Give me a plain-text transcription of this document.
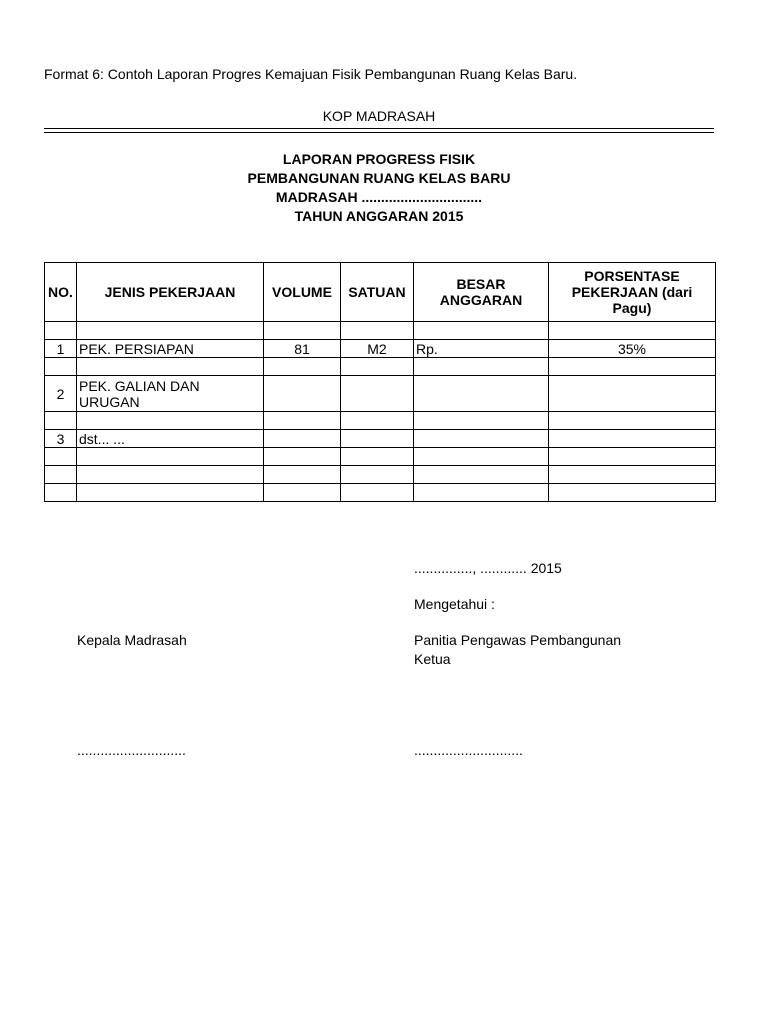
Format 6: Contoh Laporan Progres Kemajuan Fisik Pembangunan Ruang Kelas Baru.
KOP MADRASAH
LAPORAN PROGRESS FISIK
PEMBANGUNAN RUANG KELAS BARU
MADRASAH ...............................
TAHUN ANGGARAN 2015
NO.	JENIS PEKERJAAN	VOLUME	SATUAN	BESAR ANGGARAN	PORSENTASE PEKERJAAN (dari Pagu)

1	PEK. PERSIAPAN	81	M2	Rp.	35%

2	PEK. GALIAN DAN URUGAN				

3	dst... ...				

..............., ............ 2015
Mengetahui :
Kepala Madrasah	Panitia Pengawas Pembangunan
Ketua
............................	............................
